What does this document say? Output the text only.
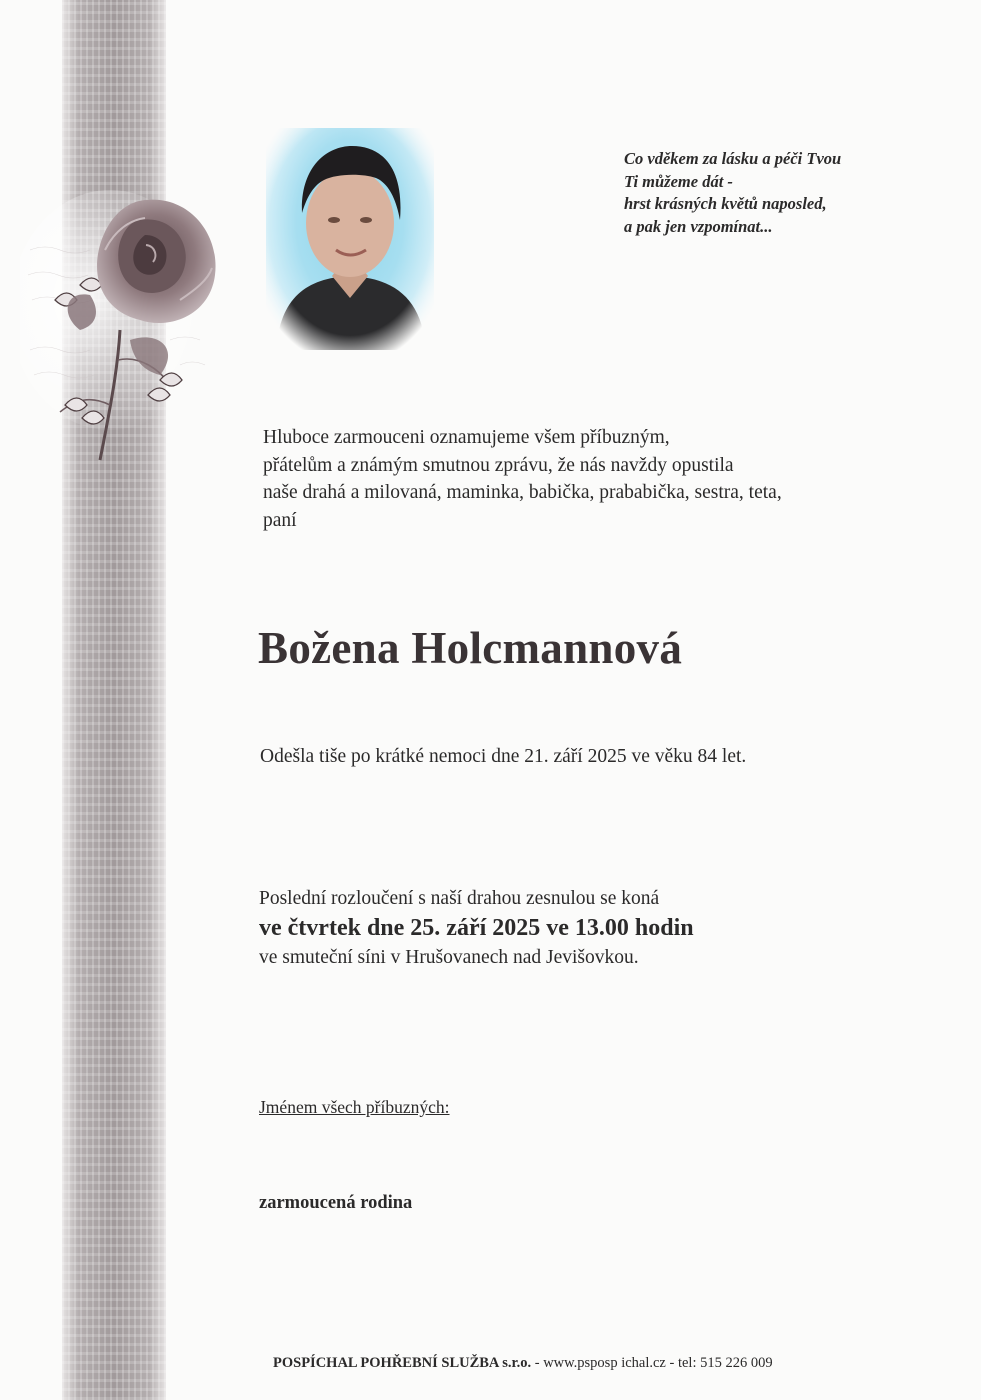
Co vděkem za lásku a péči Tvou
Ti můžeme dát -
hrst krásných květů naposled,
a pak jen vzpomínat...
Hluboce zarmouceni oznamujeme všem příbuzným,
přátelům a známým smutnou zprávu, že nás navždy opustila
naše drahá a milovaná, maminka, babička, prababička, sestra, teta,
paní
Božena Holcmannová
Odešla tiše po krátké nemoci dne 21. září 2025 ve věku 84 let.
Poslední rozloučení s naší drahou zesnulou se koná
ve čtvrtek dne 25. září 2025 ve 13.00 hodin
ve smuteční síni v Hrušovanech nad Jevišovkou.
Jménem všech příbuzných:
zarmoucená rodina
POSPÍCHAL POHŘEBNÍ SLUŽBA s.r.o. - www.psposp ichal.cz - tel: 515 226 009
